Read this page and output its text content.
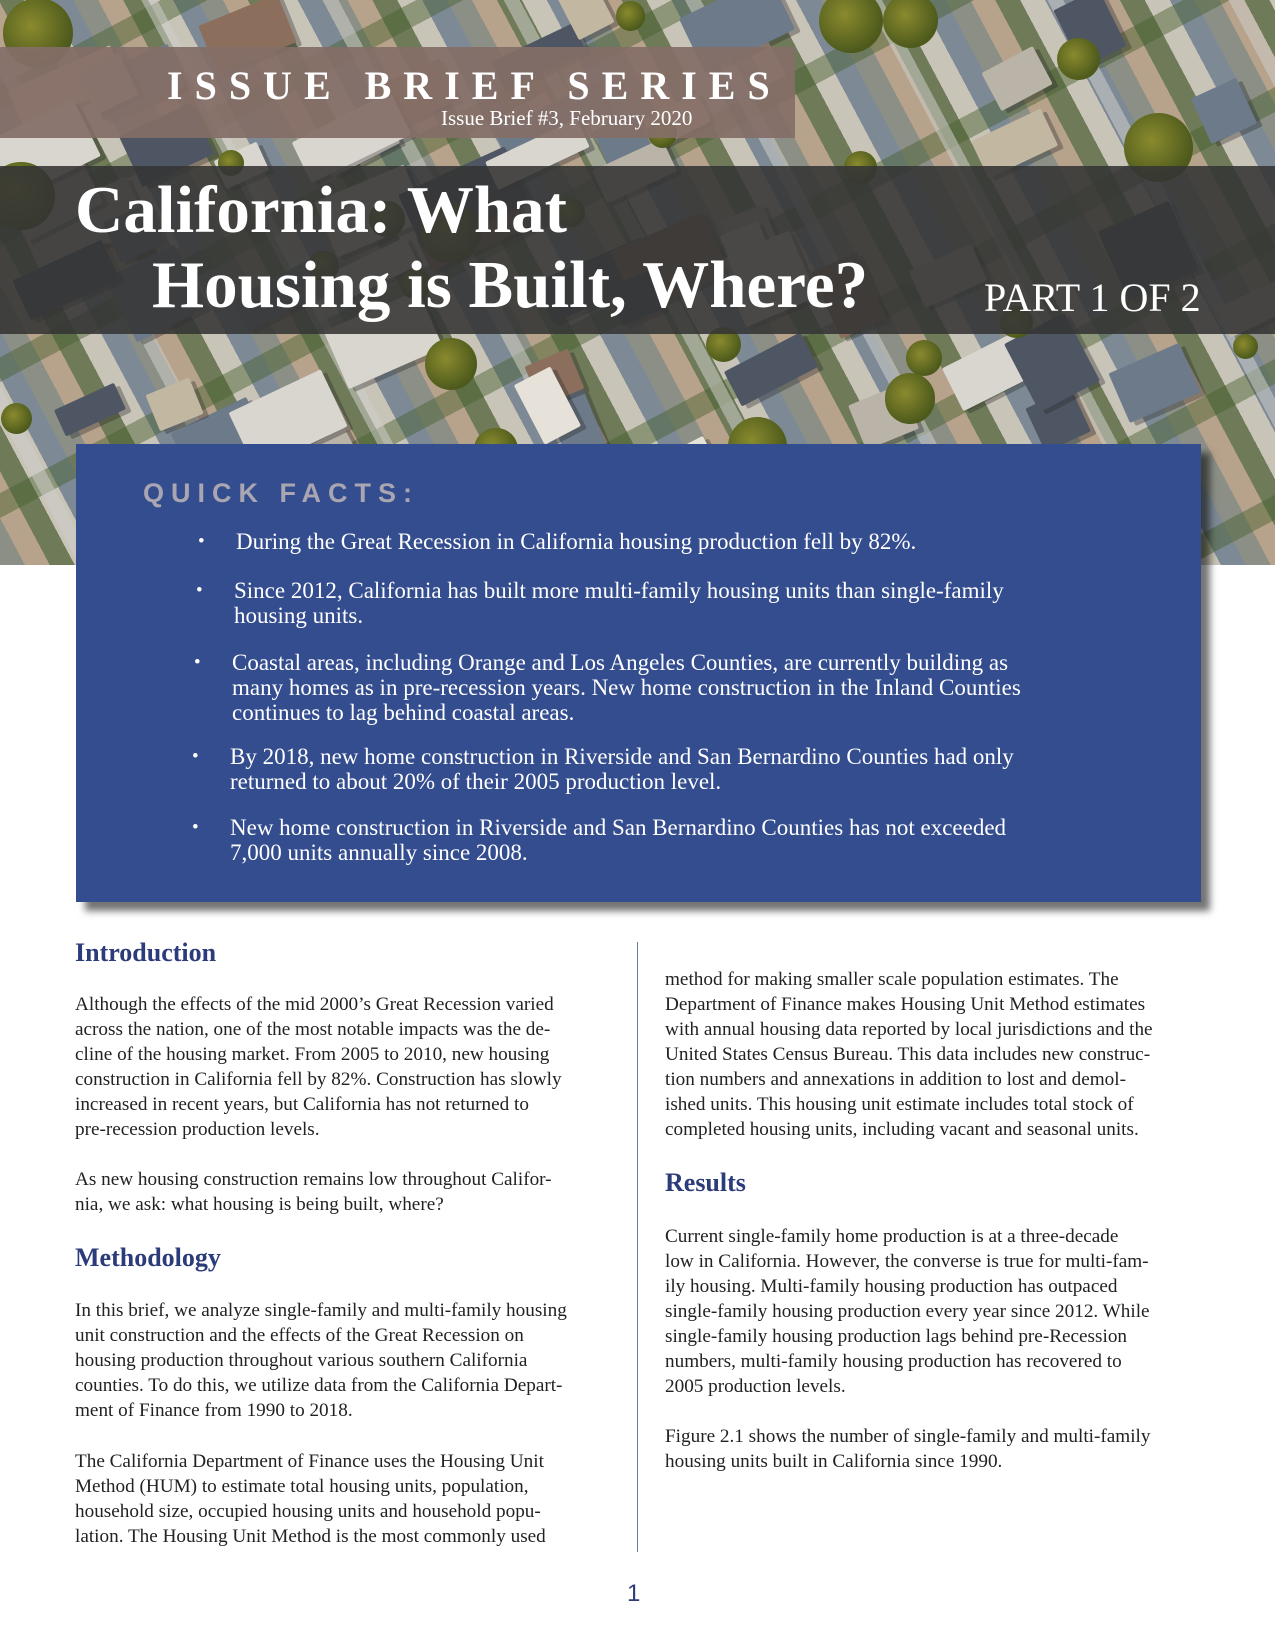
ISSUE BRIEF SERIES
Issue Brief #3, February 2020
California: What
Housing is Built, Where?	PART 1 OF 2
QUICK FACTS:
• During the Great Recession in California housing production fell by 82%.
• Since 2012, California has built more multi-family housing units than single-family
housing units.
• Coastal areas, including Orange and Los Angeles Counties, are currently building as
many homes as in pre-recession years. New home construction in the Inland Counties
continues to lag behind coastal areas.
• By 2018, new home construction in Riverside and San Bernardino Counties had only
returned to about 20% of their 2005 production level.
• New home construction in Riverside and San Bernardino Counties has not exceeded
7,000 units annually since 2008.
Introduction
Although the effects of the mid 2000’s Great Recession varied
across the nation, one of the most notable impacts was the de-
cline of the housing market. From 2005 to 2010, new housing
construction in California fell by 82%. Construction has slowly
increased in recent years, but California has not returned to
pre-recession production levels.
As new housing construction remains low throughout Califor-
nia, we ask: what housing is being built, where?
Methodology
In this brief, we analyze single-family and multi-family housing
unit construction and the effects of the Great Recession on
housing production throughout various southern California
counties. To do this, we utilize data from the California Depart-
ment of Finance from 1990 to 2018.
The California Department of Finance uses the Housing Unit
Method (HUM) to estimate total housing units, population,
household size, occupied housing units and household popu-
lation. The Housing Unit Method is the most commonly used
method for making smaller scale population estimates. The
Department of Finance makes Housing Unit Method estimates
with annual housing data reported by local jurisdictions and the
United States Census Bureau. This data includes new construc-
tion numbers and annexations in addition to lost and demol-
ished units. This housing unit estimate includes total stock of
completed housing units, including vacant and seasonal units.
Results
Current single-family home production is at a three-decade
low in California. However, the converse is true for multi-fam-
ily housing. Multi-family housing production has outpaced
single-family housing production every year since 2012. While
single-family housing production lags behind pre-Recession
numbers, multi-family housing production has recovered to
2005 production levels.
Figure 2.1 shows the number of single-family and multi-family
housing units built in California since 1990.
1
